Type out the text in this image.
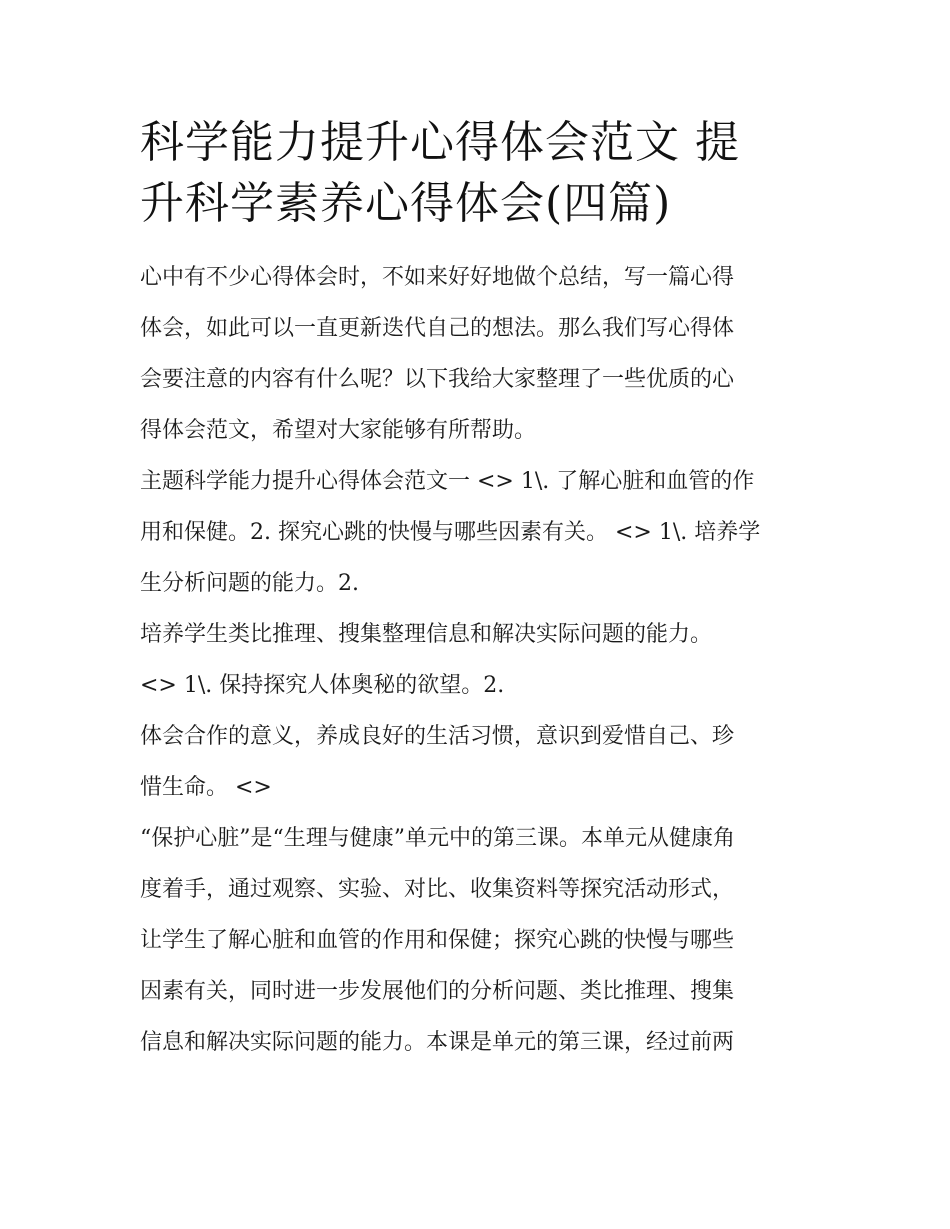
科学能力提升心得体会范文 提
升科学素养心得体会(四篇)

心中有不少心得体会时，不如来好好地做个总结，写一篇心得
体会，如此可以一直更新迭代自己的想法。那么我们写心得体
会要注意的内容有什么呢？以下我给大家整理了一些优质的心
得体会范文，希望对大家能够有所帮助。

主题科学能力提升心得体会范文一 <> 1\. 了解心脏和血管的作
用和保健。2. 探究心跳的快慢与哪些因素有关。 <> 1\. 培养学
生分析问题的能力。2.

培养学生类比推理、搜集整理信息和解决实际问题的能力。

<> 1\. 保持探究人体奥秘的欲望。2.

体会合作的意义，养成良好的生活习惯，意识到爱惜自己、珍
惜生命。 <>

“保护心脏”是“生理与健康”单元中的第三课。本单元从健康角
度着手，通过观察、实验、对比、收集资料等探究活动形式，
让学生了解心脏和血管的作用和保健；探究心跳的快慢与哪些
因素有关，同时进一步发展他们的分析问题、类比推理、搜集
信息和解决实际问题的能力。本课是单元的第三课，经过前两
